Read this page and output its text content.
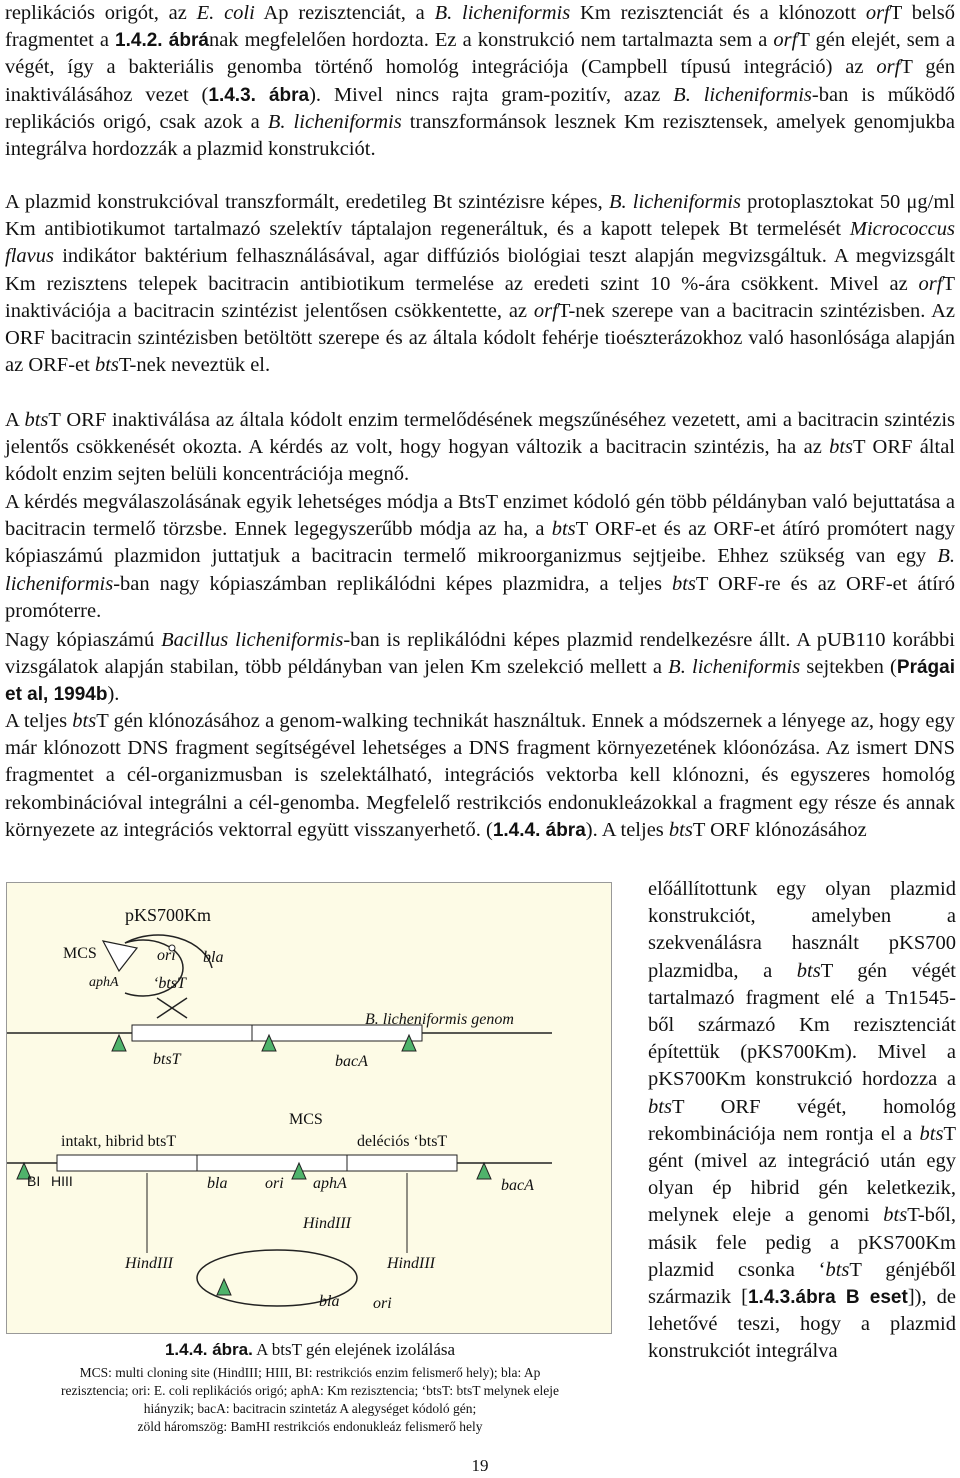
replikációs origót, az E. coli Ap rezisztenciát, a B. licheniformis Km rezisztenciát és a klónozott orfT belső fragmentet a 1.4.2. ábrának megfelelően hordozta. Ez a konstrukció nem tartalmazta sem a orfT gén elejét, sem a végét, így a bakteriális genomba történő homológ integrációja (Campbell típusú integráció) az orfT gén inaktiválásához vezet (1.4.3. ábra). Mivel nincs rajta gram-pozitív, azaz B. licheniformis-ban is működő replikációs origó, csak azok a B. licheniformis transzformánsok lesznek Km rezisztensek, amelyek genomjukba integrálva hordozzák a plazmid konstrukciót.
A plazmid konstrukcióval transzformált, eredetileg Bt szintézisre képes, B. licheniformis protoplasztokat 50 μg/ml Km antibiotikumot tartalmazó szelektív táptalajon regeneráltuk, és a kapott telepek Bt termelését Micrococcus flavus indikátor baktérium felhasználásával, agar diffúziós biológiai teszt alapján megvizsgáltuk. A megvizsgált Km rezisztens telepek bacitracin antibiotikum termelése az eredeti szint 10 %-ára csökkent. Mivel az orfT inaktivációja a bacitracin szintézist jelentősen csökkentette, az orfT-nek szerepe van a bacitracin szintézisben. Az ORF bacitracin szintézisben betöltött szerepe és az általa kódolt fehérje tioészterázokhoz való hasonlósága alapján az ORF-et btsT-nek neveztük el.
A btsT ORF inaktiválása az általa kódolt enzim termelődésének megszűnéséhez vezetett, ami a bacitracin szintézis jelentős csökkenését okozta. A kérdés az volt, hogy hogyan változik a bacitracin szintézis, ha az btsT ORF által kódolt enzim sejten belüli koncentrációja megnő.
A kérdés megválaszolásának egyik lehetséges módja a BtsT enzimet kódoló gén több példányban való bejuttatása a bacitracin termelő törzsbe. Ennek legegyszerűbb módja az ha, a btsT ORF-et és az ORF-et átíró promótert nagy kópiaszámú plazmidon juttatjuk a bacitracin termelő mikroorganizmus sejtjeibe. Ehhez szükség van egy B. licheniformis-ban nagy kópiaszámban replikálódni képes plazmidra, a teljes btsT ORF-re és az ORF-et átíró promóterre.
Nagy kópiaszámú Bacillus licheniformis-ban is replikálódni képes plazmid rendelkezésre állt. A pUB110 korábbi vizsgálatok alapján stabilan, több példányban van jelen Km szelekció mellett a B. licheniformis sejtekben (Prágai et al, 1994b).
A teljes btsT gén klónozásához a genom-walking technikát használtuk. Ennek a módszernek a lényege az, hogy egy már klónozott DNS fragment segítségével lehetséges a DNS fragment környezetének klóonózása. Az ismert DNS fragmentet a cél-organizmusban is szelektálható, integrációs vektorba kell klónozni, és egyszeres homológ rekombinációval integrálni a cél-genomba. Megfelelő restrikciós endonukleázokkal a fragment egy része és annak környezete az integrációs vektorral együtt visszanyerhető. (1.4.4. ábra). A teljes btsT ORF klónozásához
előállítottunk egy olyan plazmid konstrukciót, amelyben a szekvenálásra használt pKS700 plazmidba, a btsT gén végét tartalmazó fragment elé a Tn1545-ből származó Km rezisztenciát építettük (pKS700Km). Mivel a pKS700Km konstrukció hordozza a btsT ORF végét, homológ rekombinációja nem rontja el a btsT gént (mivel az integráció után egy olyan ép hibrid gén keletkezik, melynek eleje a genomi btsT-ből, másik fele pedig a pKS700Km plazmid csonka ‘btsT génjéből származik [1.4.3.ábra B eset]), de lehetővé teszi, hogy a plazmid konstrukciót integrálva
pKS700Km
MCS	ori bla
aphA ‘btsT
B. licheniformis genom
btsT	bacA
MCS
intakt, hibrid btsT	deléciós ‘btsT
BI HIII	bla ori aphA	bacA
HindIII
HindIII	HindIII
bla ori
1.4.4. ábra. A btsT gén elejének izolálása
MCS: multi cloning site (HindIII; HIII, BI: restrikciós enzim felismerő hely); bla: Ap
rezisztencia; ori: E. coli replikációs origó; aphA: Km rezisztencia; ‘btsT: btsT melynek eleje
hiányzik; bacA: bacitracin szintetáz A alegységet kódoló gén;
zöld háromszög: BamHI restrikciós endonukleáz felismerő hely
19
